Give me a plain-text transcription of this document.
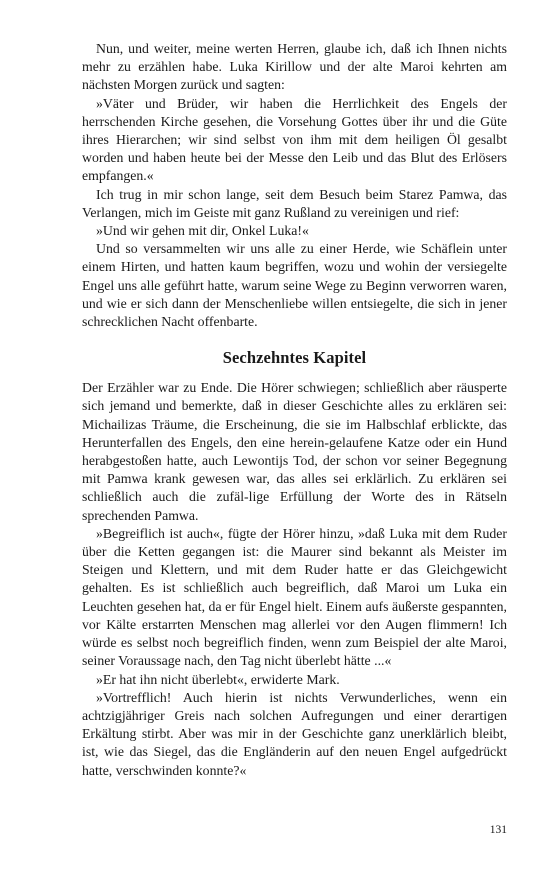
Nun, und weiter, meine werten Herren, glaube ich, daß ich Ihnen nichts mehr zu erzählen habe. Luka Kirillow und der alte Maroi kehrten am nächsten Morgen zurück und sagten:

»Väter und Brüder, wir haben die Herrlichkeit des Engels der herrschenden Kirche gesehen, die Vorsehung Gottes über ihr und die Güte ihres Hierarchen; wir sind selbst von ihm mit dem heiligen Öl gesalbt worden und haben heute bei der Messe den Leib und das Blut des Erlösers empfangen.«

Ich trug in mir schon lange, seit dem Besuch beim Starez Pamwa, das Verlangen, mich im Geiste mit ganz Rußland zu vereinigen und rief:

»Und wir gehen mit dir, Onkel Luka!«

Und so versammelten wir uns alle zu einer Herde, wie Schäflein unter einem Hirten, und hatten kaum begriffen, wozu und wohin der versiegelte Engel uns alle geführt hatte, warum seine Wege zu Beginn verworren waren, und wie er sich dann der Menschenliebe willen entsiegelte, die sich in jener schrecklichen Nacht offenbarte.

Sechzehntes Kapitel

Der Erzähler war zu Ende. Die Hörer schwiegen; schließlich aber räusperte sich jemand und bemerkte, daß in dieser Geschichte alles zu erklären sei: Michailizas Träume, die Erscheinung, die sie im Halbschlaf erblickte, das Herunterfallen des Engels, den eine herein-gelaufene Katze oder ein Hund herabgestoßen hatte, auch Lewontijs Tod, der schon vor seiner Begegnung mit Pamwa krank gewesen war, das alles sei erklärlich. Zu erklären sei schließlich auch die zufäl-lige Erfüllung der Worte des in Rätseln sprechenden Pamwa.

»Begreiflich ist auch«, fügte der Hörer hinzu, »daß Luka mit dem Ruder über die Ketten gegangen ist: die Maurer sind bekannt als Meister im Steigen und Klettern, und mit dem Ruder hatte er das Gleichgewicht gehalten. Es ist schließlich auch begreiflich, daß Maroi um Luka ein Leuchten gesehen hat, da er für Engel hielt. Einem aufs äußerste gespannten, vor Kälte erstarrten Menschen mag allerlei vor den Augen flimmern! Ich würde es selbst noch begreiflich finden, wenn zum Beispiel der alte Maroi, seiner Voraussage nach, den Tag nicht überlebt hätte ...«

»Er hat ihn nicht überlebt«, erwiderte Mark.

»Vortrefflich! Auch hierin ist nichts Verwunderliches, wenn ein achtzigjähriger Greis nach solchen Aufregungen und einer derartigen Erkältung stirbt. Aber was mir in der Geschichte ganz unerklärlich bleibt, ist, wie das Siegel, das die Engländerin auf den neuen Engel aufgedrückt hatte, verschwinden konnte?«

131
